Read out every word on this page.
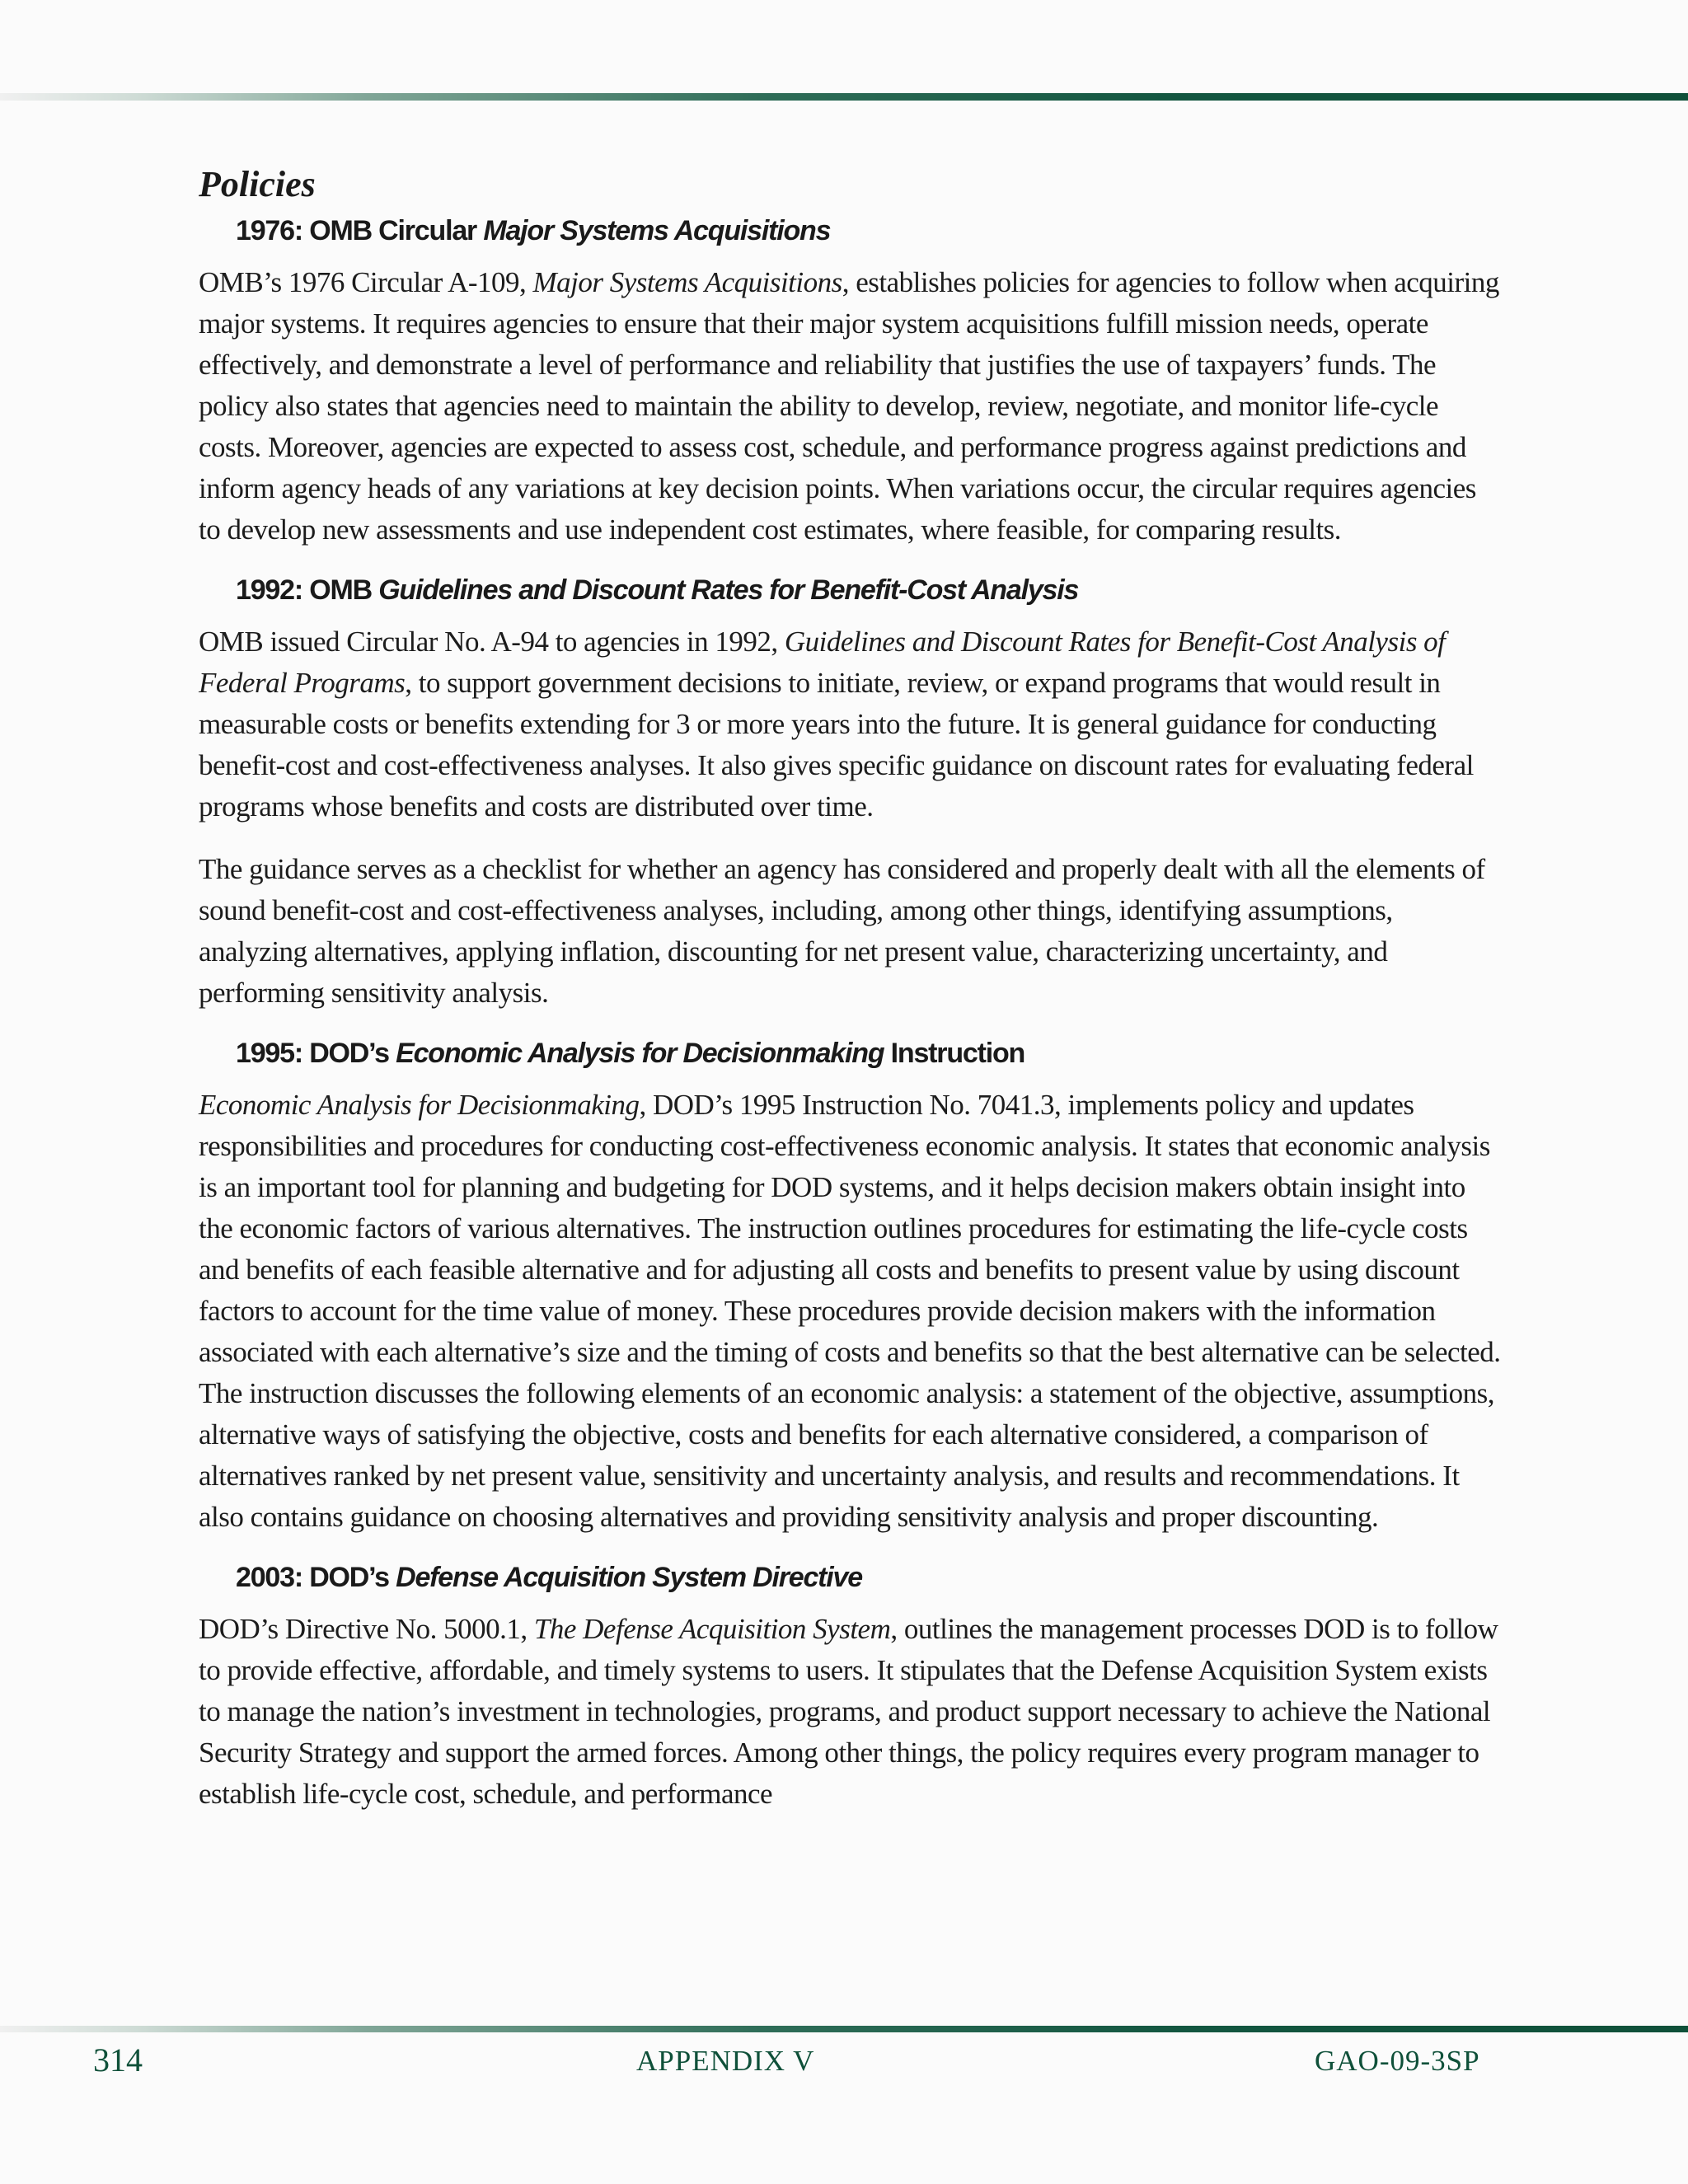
Policies
1976: OMB Circular Major Systems Acquisitions

OMB’s 1976 Circular A-109, Major Systems Acquisitions, establishes policies for agencies to follow when acquiring major systems. It requires agencies to ensure that their major system acquisitions fulfill mission needs, operate effectively, and demonstrate a level of performance and reliability that justifies the use of taxpayers’ funds. The policy also states that agencies need to maintain the ability to develop, review, negotiate, and monitor life-cycle costs. Moreover, agencies are expected to assess cost, schedule, and performance progress against predictions and inform agency heads of any variations at key decision points. When variations occur, the circular requires agencies to develop new assessments and use independent cost estimates, where feasible, for comparing results.

1992: OMB Guidelines and Discount Rates for Benefit-Cost Analysis

OMB issued Circular No. A-94 to agencies in 1992, Guidelines and Discount Rates for Benefit-Cost Analysis of Federal Programs, to support government decisions to initiate, review, or expand programs that would result in measurable costs or benefits extending for 3 or more years into the future. It is general guidance for conducting benefit-cost and cost-effectiveness analyses. It also gives specific guidance on discount rates for evaluating federal programs whose benefits and costs are distributed over time.

The guidance serves as a checklist for whether an agency has considered and properly dealt with all the elements of sound benefit-cost and cost-effectiveness analyses, including, among other things, identifying assumptions, analyzing alternatives, applying inflation, discounting for net present value, characterizing uncertainty, and performing sensitivity analysis.

1995: DOD’s Economic Analysis for Decisionmaking Instruction

Economic Analysis for Decisionmaking, DOD’s 1995 Instruction No. 7041.3, implements policy and updates responsibilities and procedures for conducting cost-effectiveness economic analysis. It states that economic analysis is an important tool for planning and budgeting for DOD systems, and it helps decision makers obtain insight into the economic factors of various alternatives. The instruction outlines procedures for estimating the life-cycle costs and benefits of each feasible alternative and for adjusting all costs and benefits to present value by using discount factors to account for the time value of money. These procedures provide decision makers with the information associated with each alternative’s size and the timing of costs and benefits so that the best alternative can be selected. The instruction discusses the following elements of an economic analysis: a statement of the objective, assumptions, alternative ways of satisfying the objective, costs and benefits for each alternative considered, a comparison of alternatives ranked by net present value, sensitivity and uncertainty analysis, and results and recommendations. It also contains guidance on choosing alternatives and providing sensitivity analysis and proper discounting.

2003: DOD’s Defense Acquisition System Directive

DOD’s Directive No. 5000.1, The Defense Acquisition System, outlines the management processes DOD is to follow to provide effective, affordable, and timely systems to users. It stipulates that the Defense Acquisition System exists to manage the nation’s investment in technologies, programs, and product support necessary to achieve the National Security Strategy and support the armed forces. Among other things, the policy requires every program manager to establish life-cycle cost, schedule, and performance

314	APPENDIX V	GAO-09-3SP
